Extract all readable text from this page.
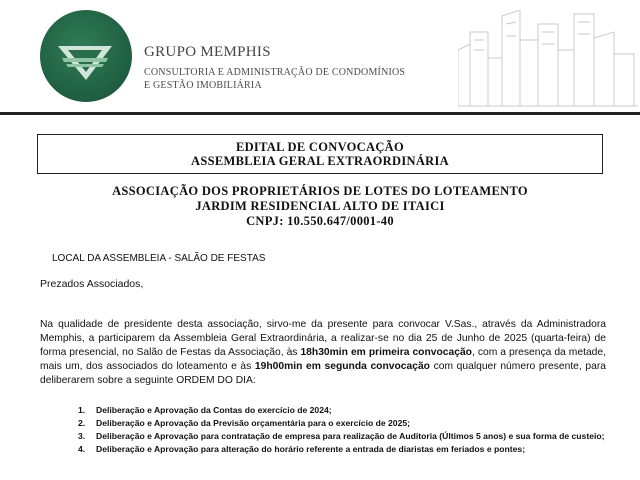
GRUPO MEMPHIS
CONSULTORIA E ADMINISTRAÇÃO DE CONDOMÍNIOS
E GESTÃO IMOBILIÁRIA
EDITAL DE CONVOCAÇÃO
ASSEMBLEIA GERAL EXTRAORDINÁRIA
ASSOCIAÇÃO DOS PROPRIETÁRIOS DE LOTES DO LOTEAMENTO
JARDIM RESIDENCIAL ALTO DE ITAICI
CNPJ: 10.550.647/0001-40
LOCAL DA ASSEMBLEIA - SALÃO DE FESTAS
Prezados Associados,
Na qualidade de presidente desta associação, sirvo-me da presente para convocar V.Sas., através da Administradora Memphis, a participarem da Assembleia Geral Extraordinária, a realizar-se no dia 25 de Junho de 2025 (quarta-feira) de forma presencial, no Salão de Festas da Associação, às 18h30min em primeira convocação, com a presença da metade, mais um, dos associados do loteamento e às 19h00min em segunda convocação com qualquer número presente, para deliberarem sobre a seguinte ORDEM DO DIA:
1.	Deliberação e Aprovação da Contas do exercício de 2024;
2.	Deliberação e Aprovação da Previsão orçamentária para o exercício de 2025;
3.	Deliberação e Aprovação para contratação de empresa para realização de Auditoria (Últimos 5 anos) e sua forma de custeio;
4.	Deliberação e Aprovação para alteração do horário referente a entrada de diaristas em feriados e pontes;
